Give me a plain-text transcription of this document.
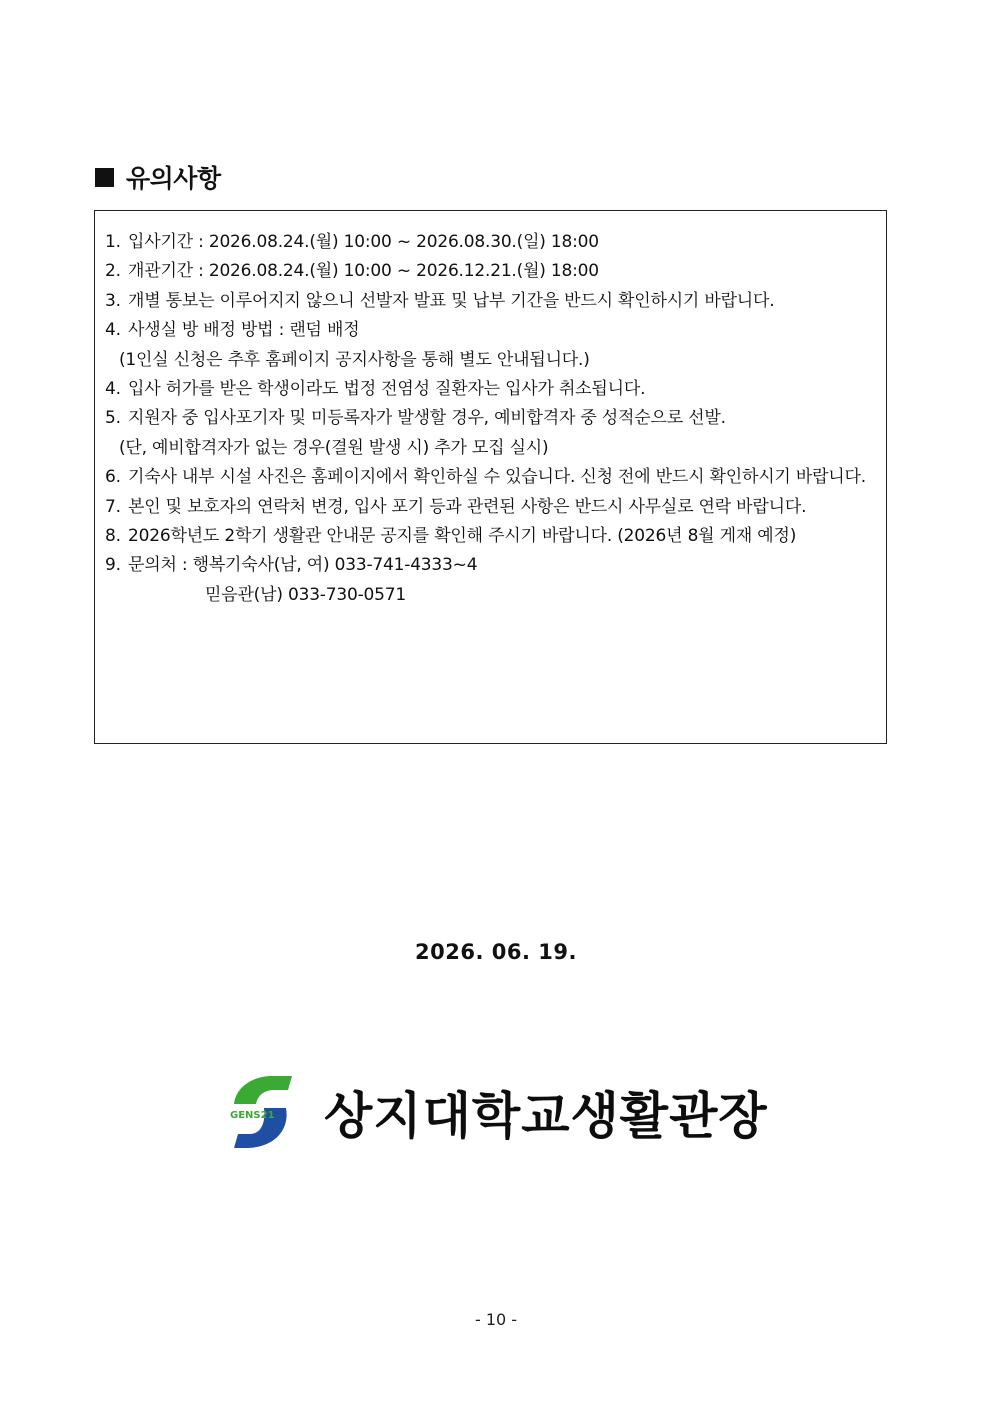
유의사항
1. 입사기간 : 2026.08.24.(월) 10:00 ~ 2026.08.30.(일) 18:00
2. 개관기간 : 2026.08.24.(월) 10:00 ~ 2026.12.21.(월) 18:00
3. 개별 통보는 이루어지지 않으니 선발자 발표 및 납부 기간을 반드시 확인하시기 바랍니다.
4. 사생실 방 배정 방법 : 랜덤 배정
(1인실 신청은 추후 홈페이지 공지사항을 통해 별도 안내됩니다.)
4. 입사 허가를 받은 학생이라도 법정 전염성 질환자는 입사가 취소됩니다.
5. 지원자 중 입사포기자 및 미등록자가 발생할 경우, 예비합격자 중 성적순으로 선발.
(단, 예비합격자가 없는 경우(결원 발생 시) 추가 모집 실시)
6. 기숙사 내부 시설 사진은 홈페이지에서 확인하실 수 있습니다. 신청 전에 반드시 확인하시기 바랍니다.
7. 본인 및 보호자의 연락처 변경, 입사 포기 등과 관련된 사항은 반드시 사무실로 연락 바랍니다.
8. 2026학년도 2학기 생활관 안내문 공지를 확인해 주시기 바랍니다. (2026년 8월 게재 예정)
9. 문의처 : 행복기숙사(남, 여) 033-741-4333~4
믿음관(남) 033-730-0571
2026. 06. 19.
GENS21 상지대학교생활관장
- 10 -
